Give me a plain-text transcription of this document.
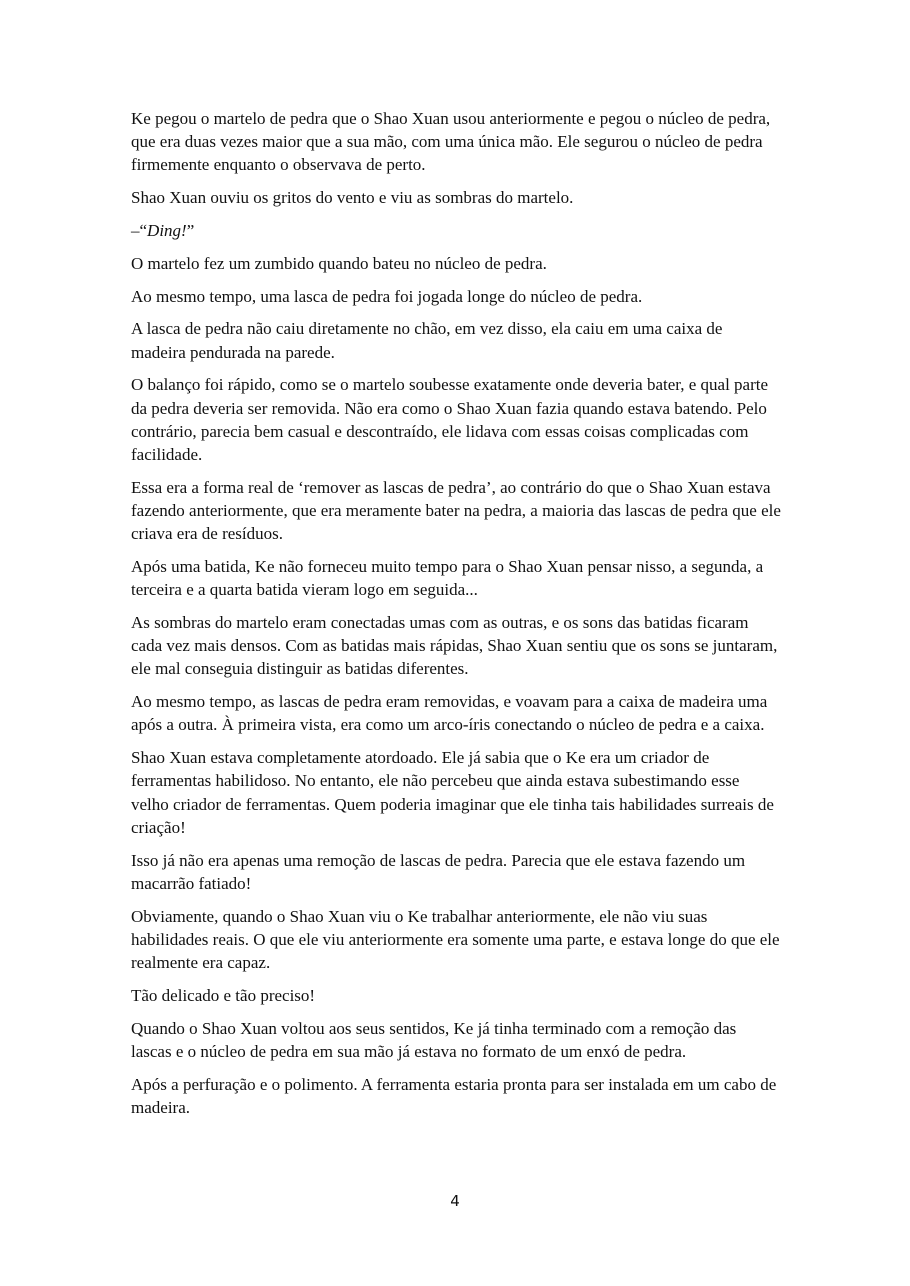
Ke pegou o martelo de pedra que o Shao Xuan usou anteriormente e pegou o núcleo de pedra, que era duas vezes maior que a sua mão, com uma única mão. Ele segurou o núcleo de pedra firmemente enquanto o observava de perto.

Shao Xuan ouviu os gritos do vento e viu as sombras do martelo.

–“Ding!”

O martelo fez um zumbido quando bateu no núcleo de pedra.

Ao mesmo tempo, uma lasca de pedra foi jogada longe do núcleo de pedra.

A lasca de pedra não caiu diretamente no chão, em vez disso, ela caiu em uma caixa de madeira pendurada na parede.

O balanço foi rápido, como se o martelo soubesse exatamente onde deveria bater, e qual parte da pedra deveria ser removida. Não era como o Shao Xuan fazia quando estava batendo. Pelo contrário, parecia bem casual e descontraído, ele lidava com essas coisas complicadas com facilidade.

Essa era a forma real de ‘remover as lascas de pedra’, ao contrário do que o Shao Xuan estava fazendo anteriormente, que era meramente bater na pedra, a maioria das lascas de pedra que ele criava era de resíduos.

Após uma batida, Ke não forneceu muito tempo para o Shao Xuan pensar nisso, a segunda, a terceira e a quarta batida vieram logo em seguida...

As sombras do martelo eram conectadas umas com as outras, e os sons das batidas ficaram cada vez mais densos. Com as batidas mais rápidas, Shao Xuan sentiu que os sons se juntaram, ele mal conseguia distinguir as batidas diferentes.

Ao mesmo tempo, as lascas de pedra eram removidas, e voavam para a caixa de madeira uma após a outra. À primeira vista, era como um arco-íris conectando o núcleo de pedra e a caixa.

Shao Xuan estava completamente atordoado. Ele já sabia que o Ke era um criador de ferramentas habilidoso. No entanto, ele não percebeu que ainda estava subestimando esse velho criador de ferramentas. Quem poderia imaginar que ele tinha tais habilidades surreais de criação!

Isso já não era apenas uma remoção de lascas de pedra. Parecia que ele estava fazendo um macarrão fatiado!

Obviamente, quando o Shao Xuan viu o Ke trabalhar anteriormente, ele não viu suas habilidades reais. O que ele viu anteriormente era somente uma parte, e estava longe do que ele realmente era capaz.

Tão delicado e tão preciso!

Quando o Shao Xuan voltou aos seus sentidos, Ke já tinha terminado com a remoção das lascas e o núcleo de pedra em sua mão já estava no formato de um enxó de pedra.

Após a perfuração e o polimento. A ferramenta estaria pronta para ser instalada em um cabo de madeira.

4
